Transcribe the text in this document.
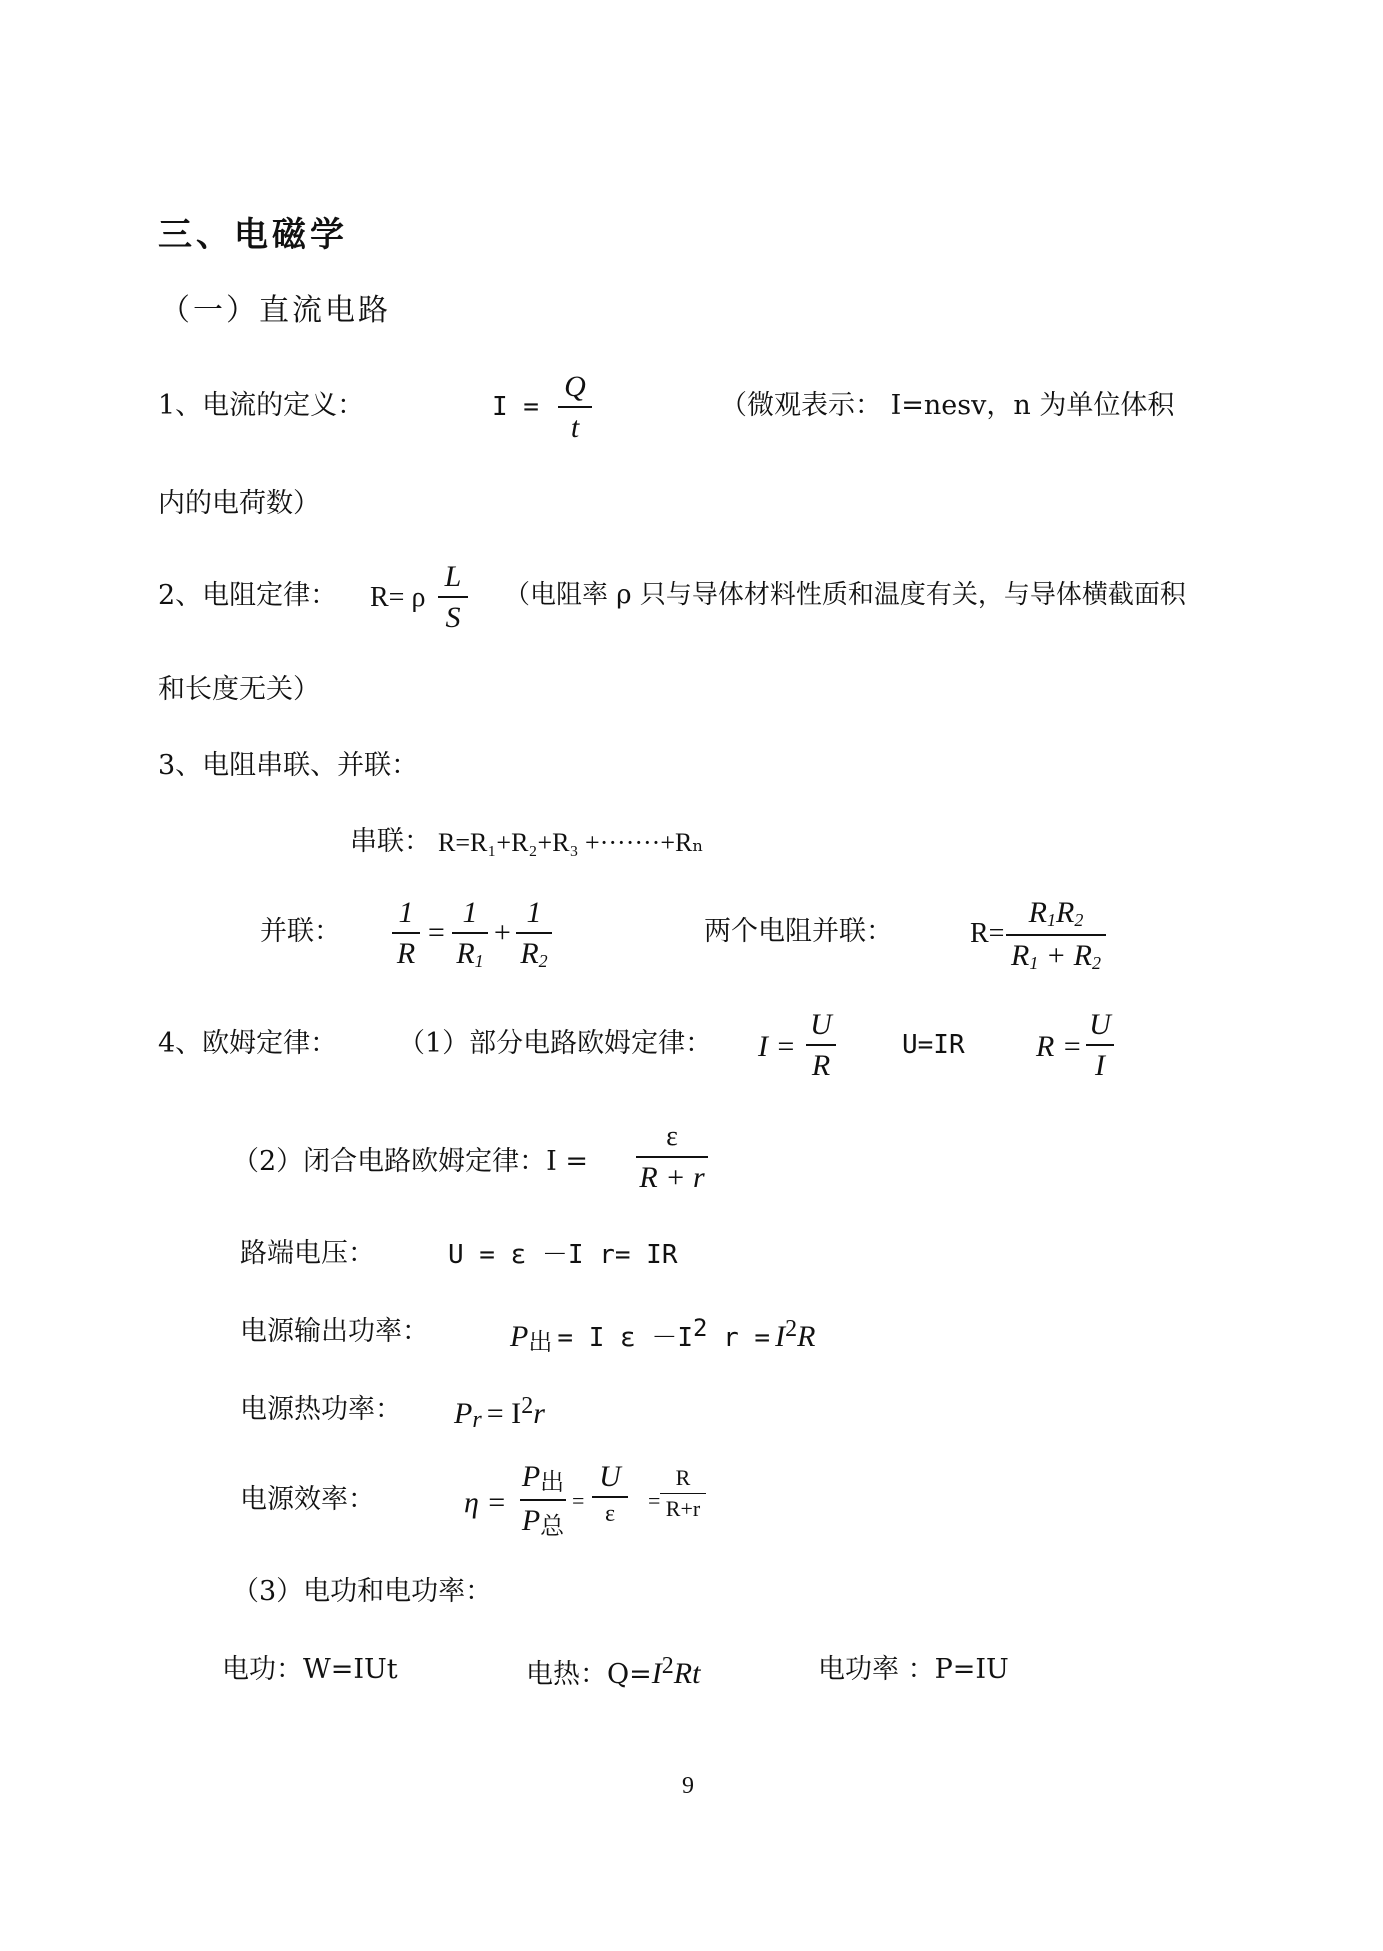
三、电磁学
（一）直流电路
1、电流的定义：	I =
Q
t
（微观表示： I=nesv，n 为单位体积
内的电荷数）
2、电阻定律： R= ρ
L
S
（电阻率 ρ 只与导体材料性质和温度有关，与导体横截面积
和长度无关）
3、电阻串联、并联：
串联： R=R₁+R₂+R₃ +·······+Rₙ
并联：
1
R
=
1
$R_1$
+
1
$R_2$
两个电阻并联：	R=
$R_1R_2$
$R_1 + R_2$
4、欧姆定律： （1）部分电路欧姆定律： I =
U
R
U=IR R =
U
I
（2）闭合电路欧姆定律：I =
ε
R + r
路端电压：	U = ε －I r= IR
电源输出功率：	$P_出 = I$ $\varepsilon -I^2$ $r = I^2R$
电源热功率： $P_r = I^2r$
电源效率：	η =
$P_出$
$P_总$
=
U
ε
=
R
R+r
（3）电功和电功率：
电功：W=IUt	电热：$Q=I^2Rt$	电功率 ：P=IU
9
